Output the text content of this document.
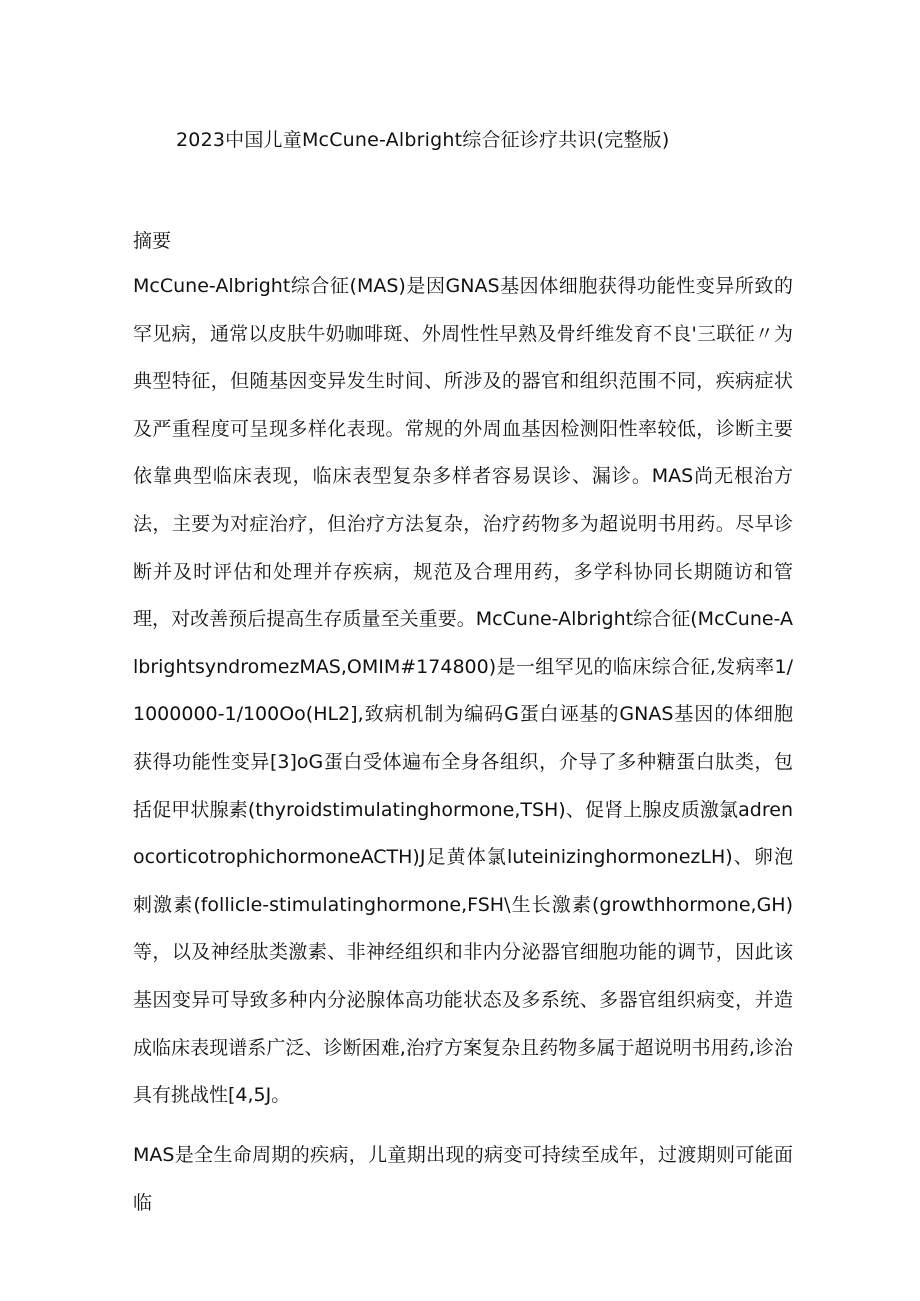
2023中国儿童McCune-Albright综合征诊疗共识(完整版)
摘要

McCune-Albright综合征(MAS)是因GNAS基因体细胞获得功能性变异所致的罕见病，通常以皮肤牛奶咖啡斑、外周性性早熟及骨纤维发育不良'三联征〃为典型特征，但随基因变异发生时间、所涉及的器官和组织范围不同，疾病症状及严重程度可呈现多样化表现。常规的外周血基因检测阳性率较低，诊断主要依靠典型临床表现，临床表型复杂多样者容易误诊、漏诊。MAS尚无根治方法，主要为对症治疗，但治疗方法复杂，治疗药物多为超说明书用药。尽早诊断并及时评估和处理并存疾病，规范及合理用药，多学科协同长期随访和管理，对改善预后提高生存质量至关重要。McCune-Albright综合征(McCune-AlbrightsyndromezMAS,OMIM#174800)是一组罕见的临床综合征,发病率1/1000000-1/100Oo(HL2],致病机制为编码G蛋白诬基的GNAS基因的体细胞获得功能性变异[3]oG蛋白受体遍布全身各组织，介导了多种糖蛋白肽类，包括促甲状腺素(thyroidstimulatinghormone,TSH)、促肾上腺皮质激氯adrenocorticotrophichormoneACTH)J足黄体氯luteinizinghormonezLH)、卵泡刺激素(follicle-stimulatinghormone,FSH\生长激素(growthhormone,GH)等，以及神经肽类激素、非神经组织和非内分泌器官细胞功能的调节，因此该基因变异可导致多种内分泌腺体高功能状态及多系统、多器官组织病变，并造成临床表现谱系广泛、诊断困难,治疗方案复杂且药物多属于超说明书用药,诊治具有挑战性[4,5J。

MAS是全生命周期的疾病，儿童期出现的病变可持续至成年，过渡期则可能面临
